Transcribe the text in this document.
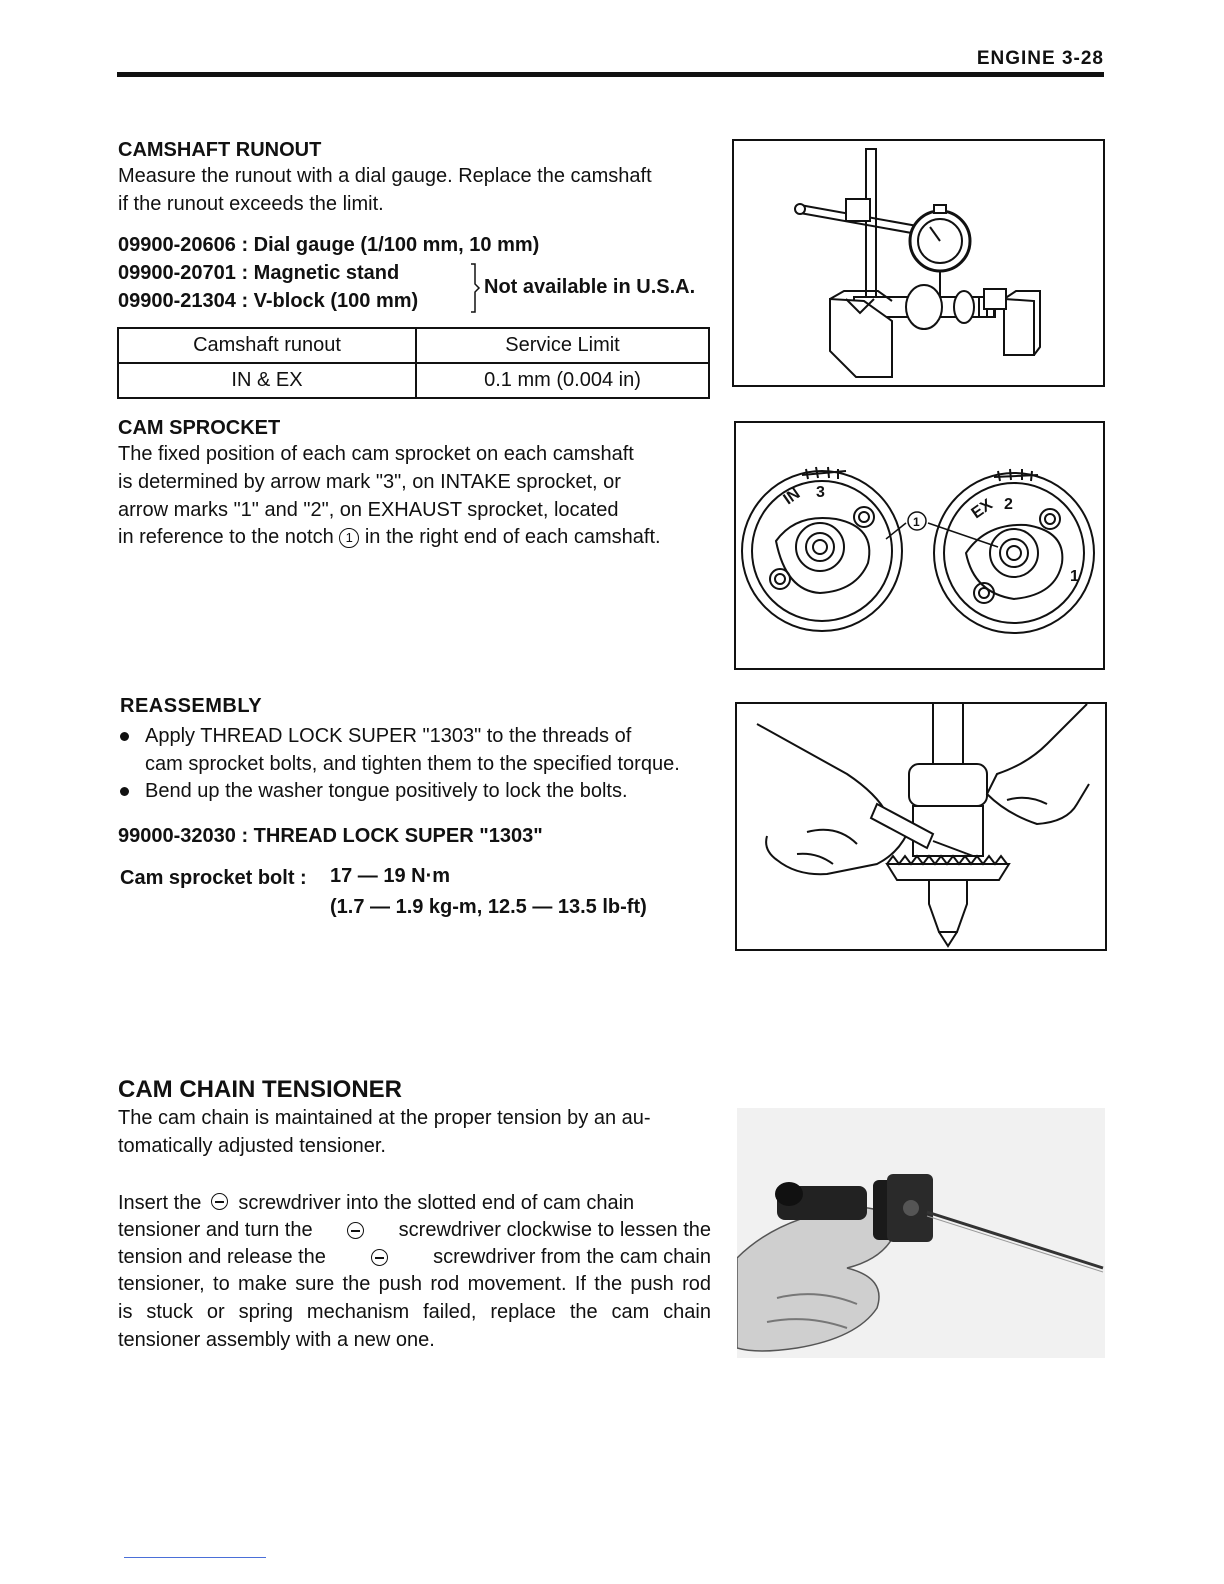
ENGINE 3-28
CAMSHAFT RUNOUT
Measure the runout with a dial gauge. Replace the camshaft
if the runout exceeds the limit.
09900-20606 : Dial gauge (1/100 mm, 10 mm)
09900-20701 : Magnetic stand
09900-21304 : V-block (100 mm)
Not available in U.S.A.
Camshaft runout	Service Limit
IN & EX	0.1 mm (0.004 in)
CAM SPROCKET
The fixed position of each cam sprocket on each camshaft
is determined by arrow mark "3", on INTAKE sprocket, or
arrow marks "1" and "2", on EXHAUST sprocket, located
in reference to the notch 1 in the right end of each camshaft.
IN 3
EX 2
1
1
REASSEMBLY
Apply THREAD LOCK SUPER "1303" to the threads of
cam sprocket bolts, and tighten them to the specified torque.
Bend up the washer tongue positively to lock the bolts.
99000-32030 : THREAD LOCK SUPER "1303"
Cam sprocket bolt : 17 — 19 N·m
(1.7 — 1.9 kg-m, 12.5 — 13.5 lb-ft)
CAM CHAIN TENSIONER
The cam chain is maintained at the proper tension by an au-
tomatically adjusted tensioner.
Insert the screwdriver into the slotted end of cam chain
tensioner and turn the	screwdriver clockwise to lessen the
tension and release the	screwdriver from the cam chain
tensioner, to make sure the push rod movement. If the push rod
is stuck or spring mechanism failed, replace the cam chain
tensioner assembly with a new one.
